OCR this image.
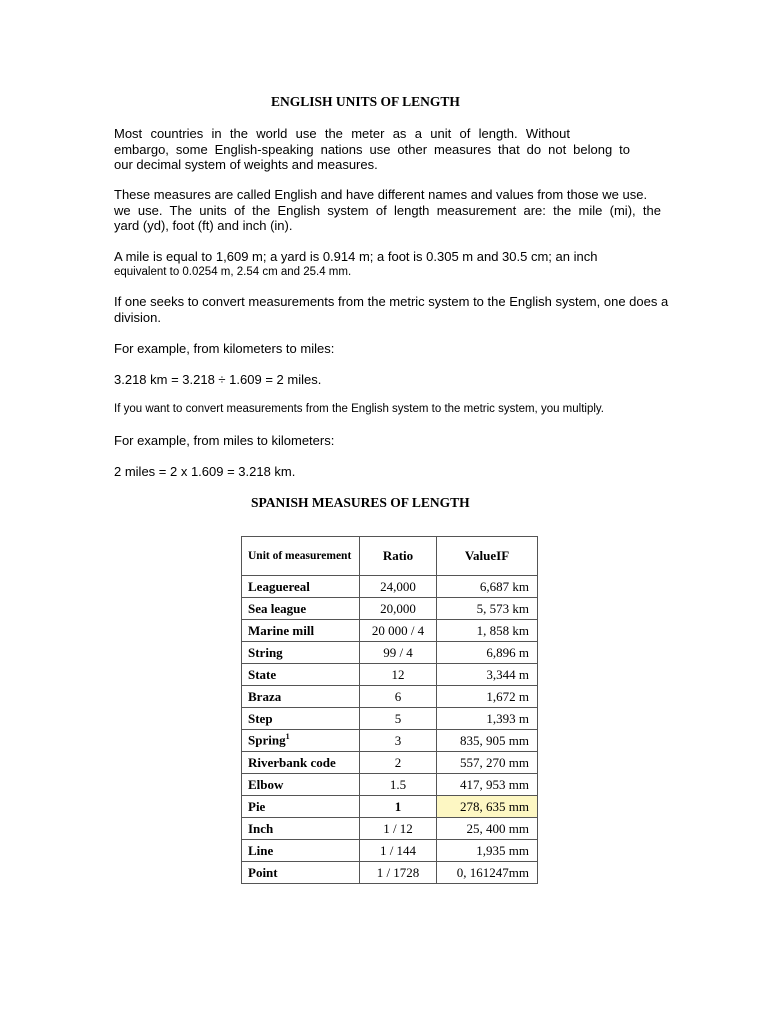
ENGLISH UNITS OF LENGTH
Most countries in the world use the meter as a unit of length. Without
embargo, some English-speaking nations use other measures that do not belong to
our decimal system of weights and measures.
These measures are called English and have different names and values from those we use.
we use. The units of the English system of length measurement are: the mile (mi), the
yard (yd), foot (ft) and inch (in).
A mile is equal to 1,609 m; a yard is 0.914 m; a foot is 0.305 m and 30.5 cm; an inch
equivalent to 0.0254 m, 2.54 cm and 25.4 mm.
If one seeks to convert measurements from the metric system to the English system, one does a
division.
For example, from kilometers to miles:
3.218 km = 3.218 ÷ 1.609 = 2 miles.
If you want to convert measurements from the English system to the metric system, you multiply.
For example, from miles to kilometers:
2 miles = 2 x 1.609 = 3.218 km.
SPANISH MEASURES OF LENGTH
Unit of measurement	Ratio	ValueIF
Leaguereal	24,000	6,687 km
Sea league	20,000	5, 573 km
Marine mill	20 000 / 4	1, 858 km
String	99 / 4	6,896 m
State	12	3,344 m
Braza	6	1,672 m
Step	5	1,393 m
Spring$^1$	3	835, 905 mm
Riverbank code	2	557, 270 mm
Elbow	1.5	417, 953 mm
Pie	1	278, 635 mm
Inch	1 / 12	25, 400 mm
Line	1 / 144	1,935 mm
Point	1 / 1728	0, 161247mm
